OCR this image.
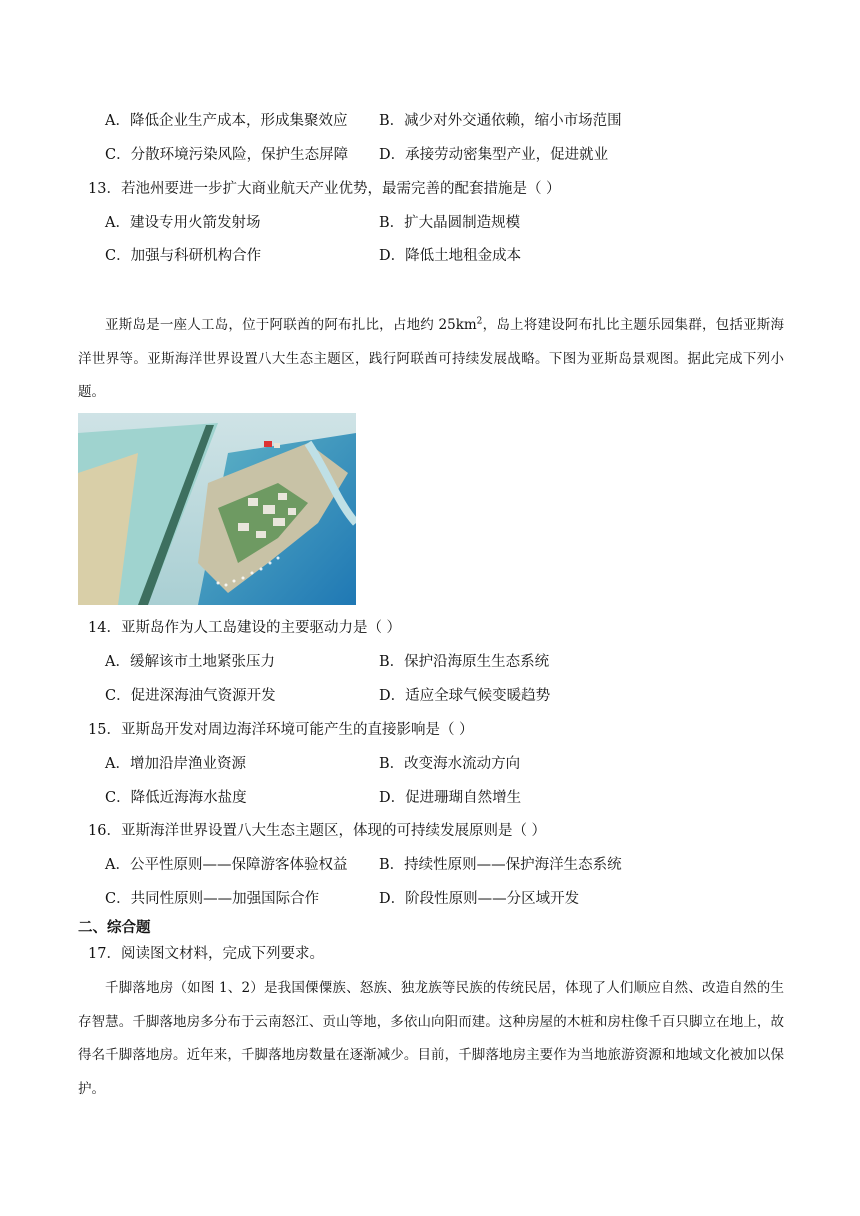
A．降低企业生产成本，形成集聚效应 B．减少对外交通依赖，缩小市场范围
C．分散环境污染风险，保护生态屏障 D．承接劳动密集型产业，促进就业
13．若池州要进一步扩大商业航天产业优势，最需完善的配套措施是（ ）
A．建设专用火箭发射场	B．扩大晶圆制造规模
C．加强与科研机构合作	D．降低土地租金成本
亚斯岛是一座人工岛，位于阿联酋的阿布扎比，占地约 $25km^2$，岛上将建设阿布扎比主题乐园集群，包括亚斯海洋世界等。亚斯海洋世界设置八大生态主题区，践行阿联酋可持续发展战略。下图为亚斯岛景观图。据此完成下列小题。
14．亚斯岛作为人工岛建设的主要驱动力是（ ）
A．缓解该市土地紧张压力	B．保护沿海原生生态系统
C．促进深海油气资源开发	D．适应全球气候变暖趋势
15．亚斯岛开发对周边海洋环境可能产生的直接影响是（ ）
A．增加沿岸渔业资源	B．改变海水流动方向
C．降低近海海水盐度	D．促进珊瑚自然增生
16．亚斯海洋世界设置八大生态主题区，体现的可持续发展原则是（ ）
A．公平性原则——保障游客体验权益 B．持续性原则——保护海洋生态系统
C．共同性原则——加强国际合作	D．阶段性原则——分区域开发
二、综合题
17．阅读图文材料，完成下列要求。
千脚落地房（如图 1、2）是我国傈僳族、怒族、独龙族等民族的传统民居，体现了人们顺应自然、改造自然的生存智慧。千脚落地房多分布于云南怒江、贡山等地，多依山向阳而建。这种房屋的木桩和房柱像千百只脚立在地上，故得名千脚落地房。近年来，千脚落地房数量在逐渐减少。目前，千脚落地房主要作为当地旅游资源和地域文化被加以保护。
